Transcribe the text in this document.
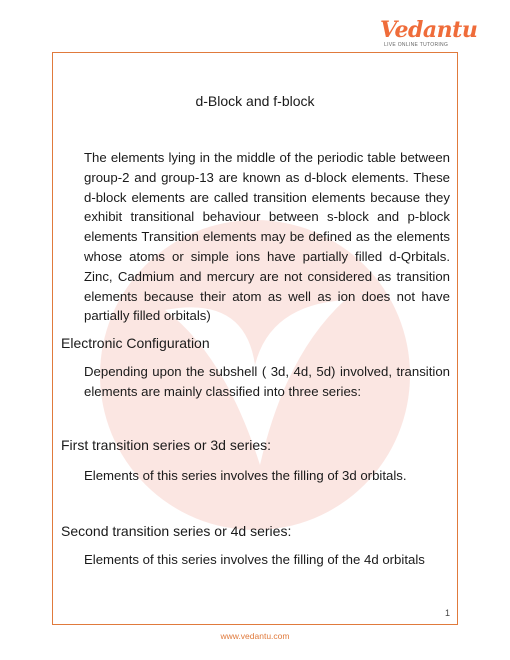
Vedantu
LIVE ONLINE TUTORING
d-Block and f-block
The elements lying in the middle of the periodic table between group-2 and group-13 are known as d-block elements. These d-block elements are called transition elements because they exhibit transitional behaviour between s-block and p-block elements Transition elements may be defined as the elements whose atoms or simple ions have partially filled d-Qrbitals. Zinc, Cadmium and mercury are not considered as transition elements because their atom as well as ion does not have partially filled orbitals)
Electronic Configuration
Depending upon the subshell ( 3d, 4d, 5d) involved, transition elements are mainly classified into three series:
First transition series or 3d series:
Elements of this series involves the filling of 3d orbitals.
Second transition series or 4d series:
Elements of this series involves the filling of the 4d orbitals
1
www.vedantu.com
